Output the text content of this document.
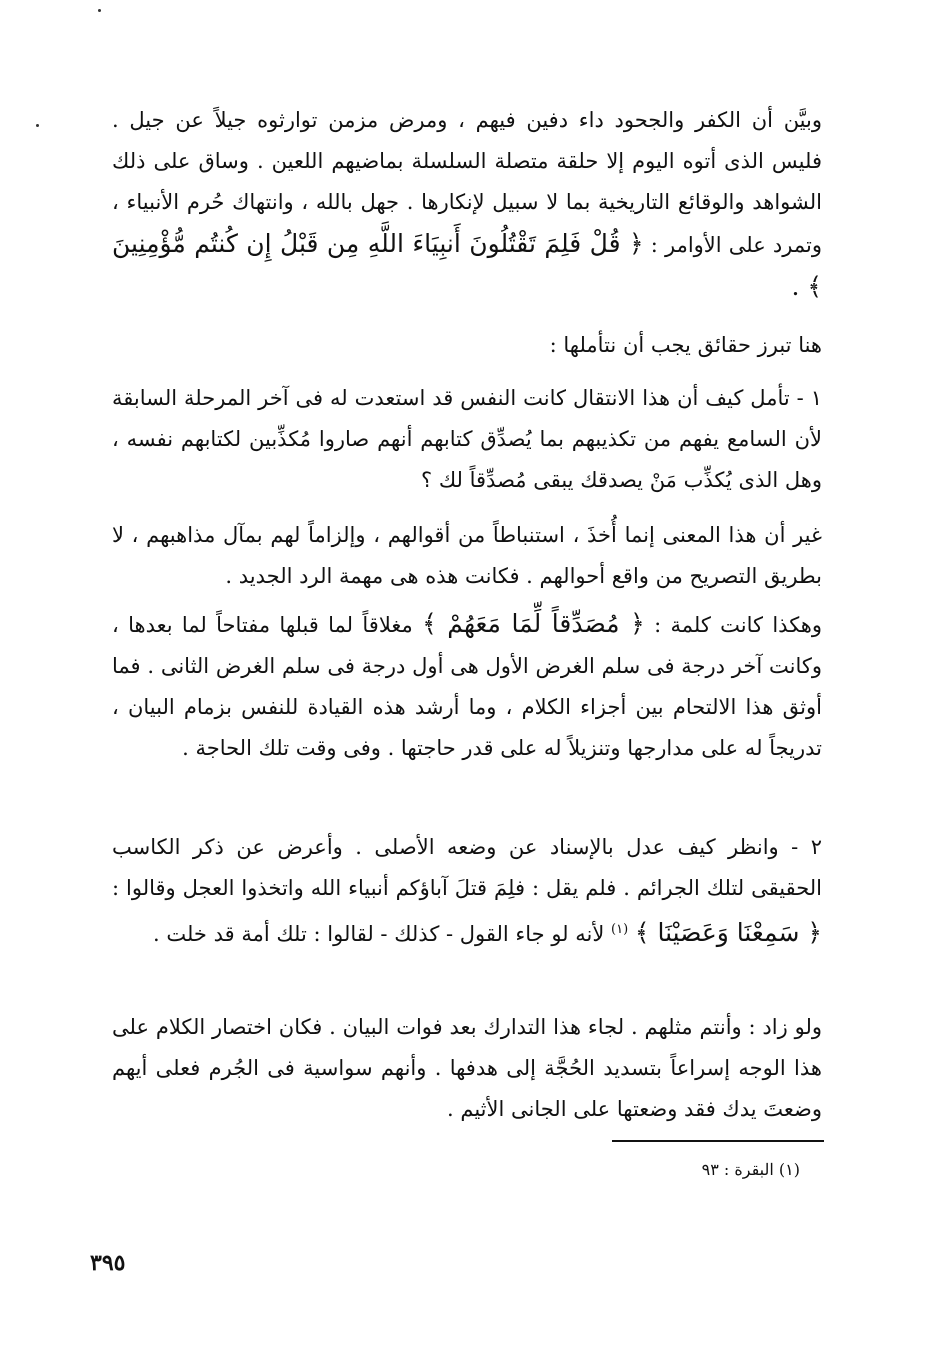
وبيَّن أن الكفر والجحود داء دفين فيهم ، ومرض مزمن توارثوه جيلاً عن جيل . فليس الذى أتوه اليوم إلا حلقة متصلة السلسلة بماضيهم اللعين . وساق على ذلك الشواهد والوقائع التاريخية بما لا سبيل لإنكارها . جهل بالله ، وانتهاك حُرم الأنبياء ، وتمرد على الأوامر : ﴿ قُلْ فَلِمَ تَقْتُلُونَ أَنبِيَاءَ اللَّهِ مِن قَبْلُ إِن كُنتُم مُّؤْمِنِينَ ﴾ .
هنا تبرز حقائق يجب أن نتأملها :
١ - تأمل كيف أن هذا الانتقال كانت النفس قد استعدت له فى آخر المرحلة السابقة لأن السامع يفهم من تكذيبهم بما يُصدِّق كتابهم أنهم صاروا مُكذِّبين لكتابهم نفسه ، وهل الذى يُكذِّب مَنْ يصدقك يبقى مُصدِّقاً لك ؟
غير أن هذا المعنى إنما أُخذَ ، استنباطاً من أقوالهم ، وإلزاماً لهم بمآل مذاهبهم ، لا بطريق التصريح من واقع أحوالهم . فكانت هذه هى مهمة الرد الجديد .
وهكذا كانت كلمة : ﴿ مُصَدِّقاً لِّمَا مَعَهُمْ ﴾ مغلاقاً لما قبلها مفتاحاً لما بعدها ، وكانت آخر درجة فى سلم الغرض الأول هى أول درجة فى سلم الغرض الثانى . فما أوثق هذا الالتحام بين أجزاء الكلام ، وما أرشد هذه القيادة للنفس بزمام البيان ، تدريجاً له على مدارجها وتنزيلاً له على قدر حاجتها . وفى وقت تلك الحاجة .
٢ - وانظر كيف عدل بالإسناد عن وضعه الأصلى . وأعرض عن ذكر الكاسب الحقيقى لتلك الجرائم . فلم يقل : فلِمَ قتلَ آباؤكم أنبياء الله واتخذوا العجل وقالوا : ﴿ سَمِعْنَا وَعَصَيْنَا ﴾ $^{(١)}$ لأنه لو جاء القول - كذلك - لقالوا : تلك أمة قد خلت .
ولو زاد : وأنتم مثلهم . لجاء هذا التدارك بعد فوات البيان . فكان اختصار الكلام على هذا الوجه إسراعاً بتسديد الحُجَّة إلى هدفها . وأنهم سواسية فى الجُرم فعلى أيهم وضعتَ يدك فقد وضعتها على الجانى الأثيم .
(١) البقرة : ٩٣
٣٩٥
